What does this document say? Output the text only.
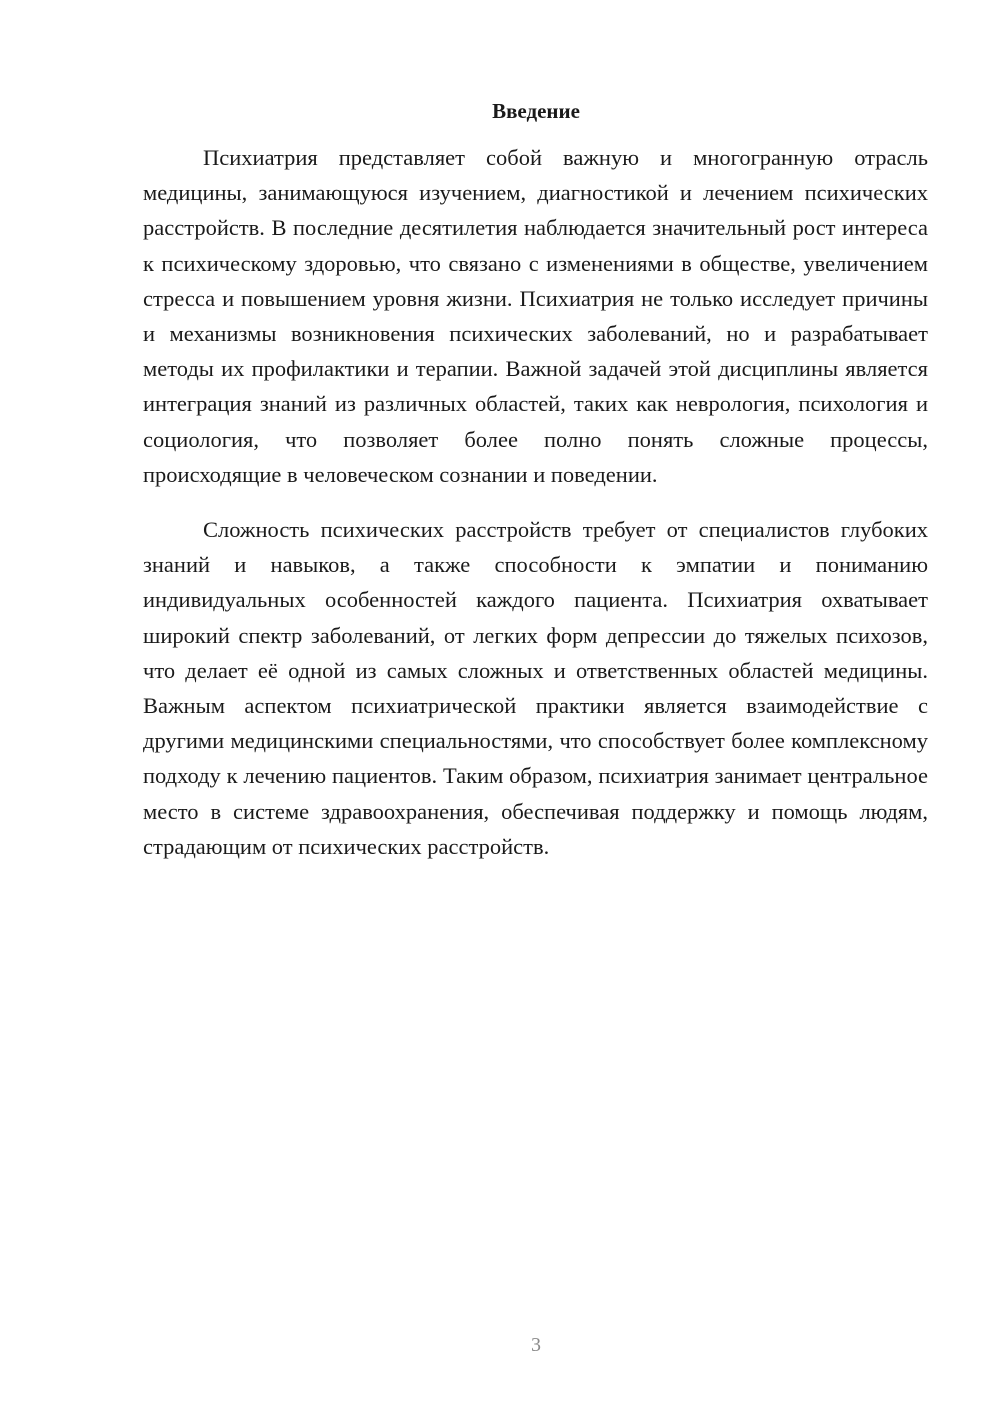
Введение

Психиатрия представляет собой важную и многогранную отрасль медицины, занимающуюся изучением, диагностикой и лечением психических расстройств. В последние десятилетия наблюдается значительный рост интереса к психическому здоровью, что связано с изменениями в обществе, увеличением стресса и повышением уровня жизни. Психиатрия не только исследует причины и механизмы возникновения психических заболеваний, но и разрабатывает методы их профилактики и терапии. Важной задачей этой дисциплины является интеграция знаний из различных областей, таких как неврология, психология и социология, что позволяет более полно понять сложные процессы, происходящие в человеческом сознании и поведении.

Сложность психических расстройств требует от специалистов глубоких знаний и навыков, а также способности к эмпатии и пониманию индивидуальных особенностей каждого пациента. Психиатрия охватывает широкий спектр заболеваний, от легких форм депрессии до тяжелых психозов, что делает её одной из самых сложных и ответственных областей медицины. Важным аспектом психиатрической практики является взаимодействие с другими медицинскими специальностями, что способствует более комплексному подходу к лечению пациентов. Таким образом, психиатрия занимает центральное место в системе здравоохранения, обеспечивая поддержку и помощь людям, страдающим от психических расстройств.

3
